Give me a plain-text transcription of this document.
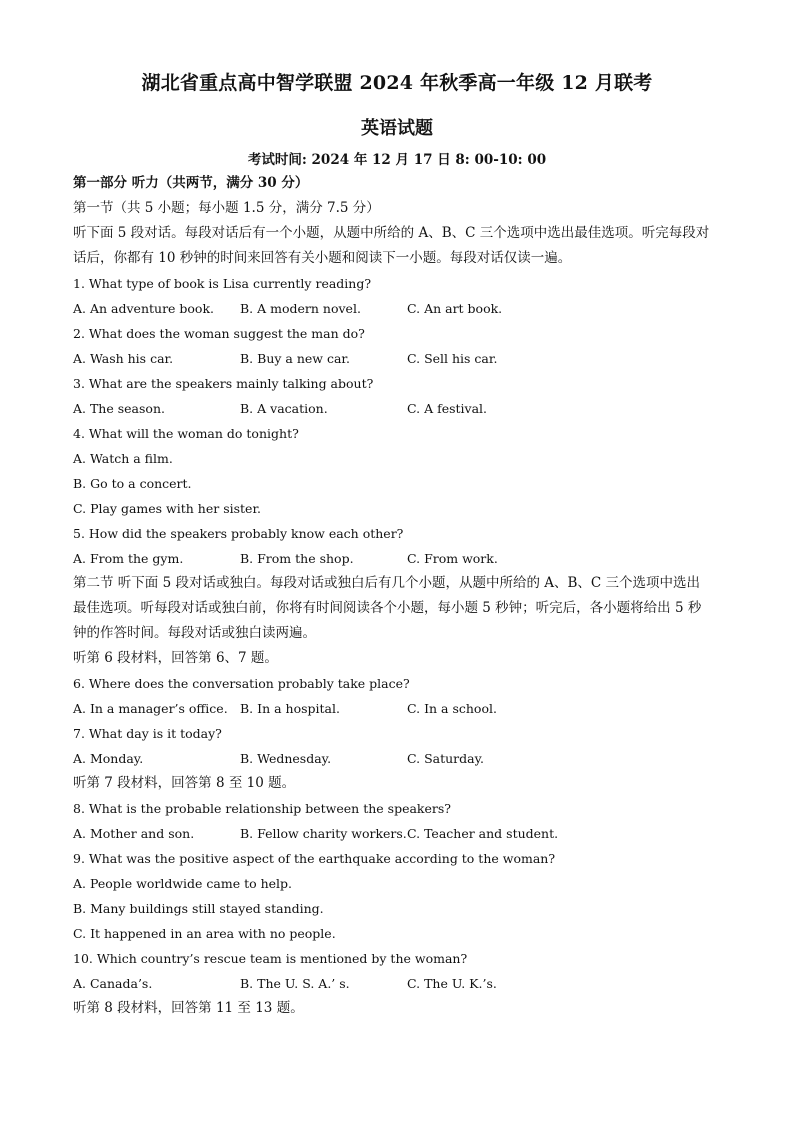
湖北省重点高中智学联盟 2024 年秋季高一年级 12 月联考
英语试题
考试时间: 2024 年 12 月 17 日 8: 00-10: 00
第一部分 听力（共两节，满分 30 分）
第一节（共 5 小题；每小题 1.5 分，满分 7.5 分）
听下面 5 段对话。每段对话后有一个小题，从题中所给的 A、B、C 三个选项中选出最佳选项。听完每段对
话后，你都有 10 秒钟的时间来回答有关小题和阅读下一小题。每段对话仅读一遍。
1. What type of book is Lisa currently reading?
A. An adventure book. B. A modern novel.	C. An art book.
2. What does the woman suggest the man do?
A. Wash his car.	B. Buy a new car.	C. Sell his car.
3. What are the speakers mainly talking about?
A. The season.	B. A vacation.	C. A festival.
4. What will the woman do tonight?
A. Watch a film.
B. Go to a concert.
C. Play games with her sister.
5. How did the speakers probably know each other?
A. From the gym.	B. From the shop.	C. From work.
第二节 听下面 5 段对话或独白。每段对话或独白后有几个小题，从题中所给的 A、B、C 三个选项中选出
最佳选项。听每段对话或独白前，你将有时间阅读各个小题，每小题 5 秒钟；听完后，各小题将给出 5 秒
钟的作答时间。每段对话或独白读两遍。
听第 6 段材料，回答第 6、7 题。
6. Where does the conversation probably take place?
A. In a manager’s office. B. In a hospital.	C. In a school.
7. What day is it today?
A. Monday.	B. Wednesday.	C. Saturday.
听第 7 段材料，回答第 8 至 10 题。
8. What is the probable relationship between the speakers?
A. Mother and son.	B. Fellow charity workers. C. Teacher and student.
9. What was the positive aspect of the earthquake according to the woman?
A. People worldwide came to help.
B. Many buildings still stayed standing.
C. It happened in an area with no people.
10. Which country’s rescue team is mentioned by the woman?
A. Canada’s.	B. The U. S. A.’ s.	C. The U. K.’s.
听第 8 段材料，回答第 11 至 13 题。
